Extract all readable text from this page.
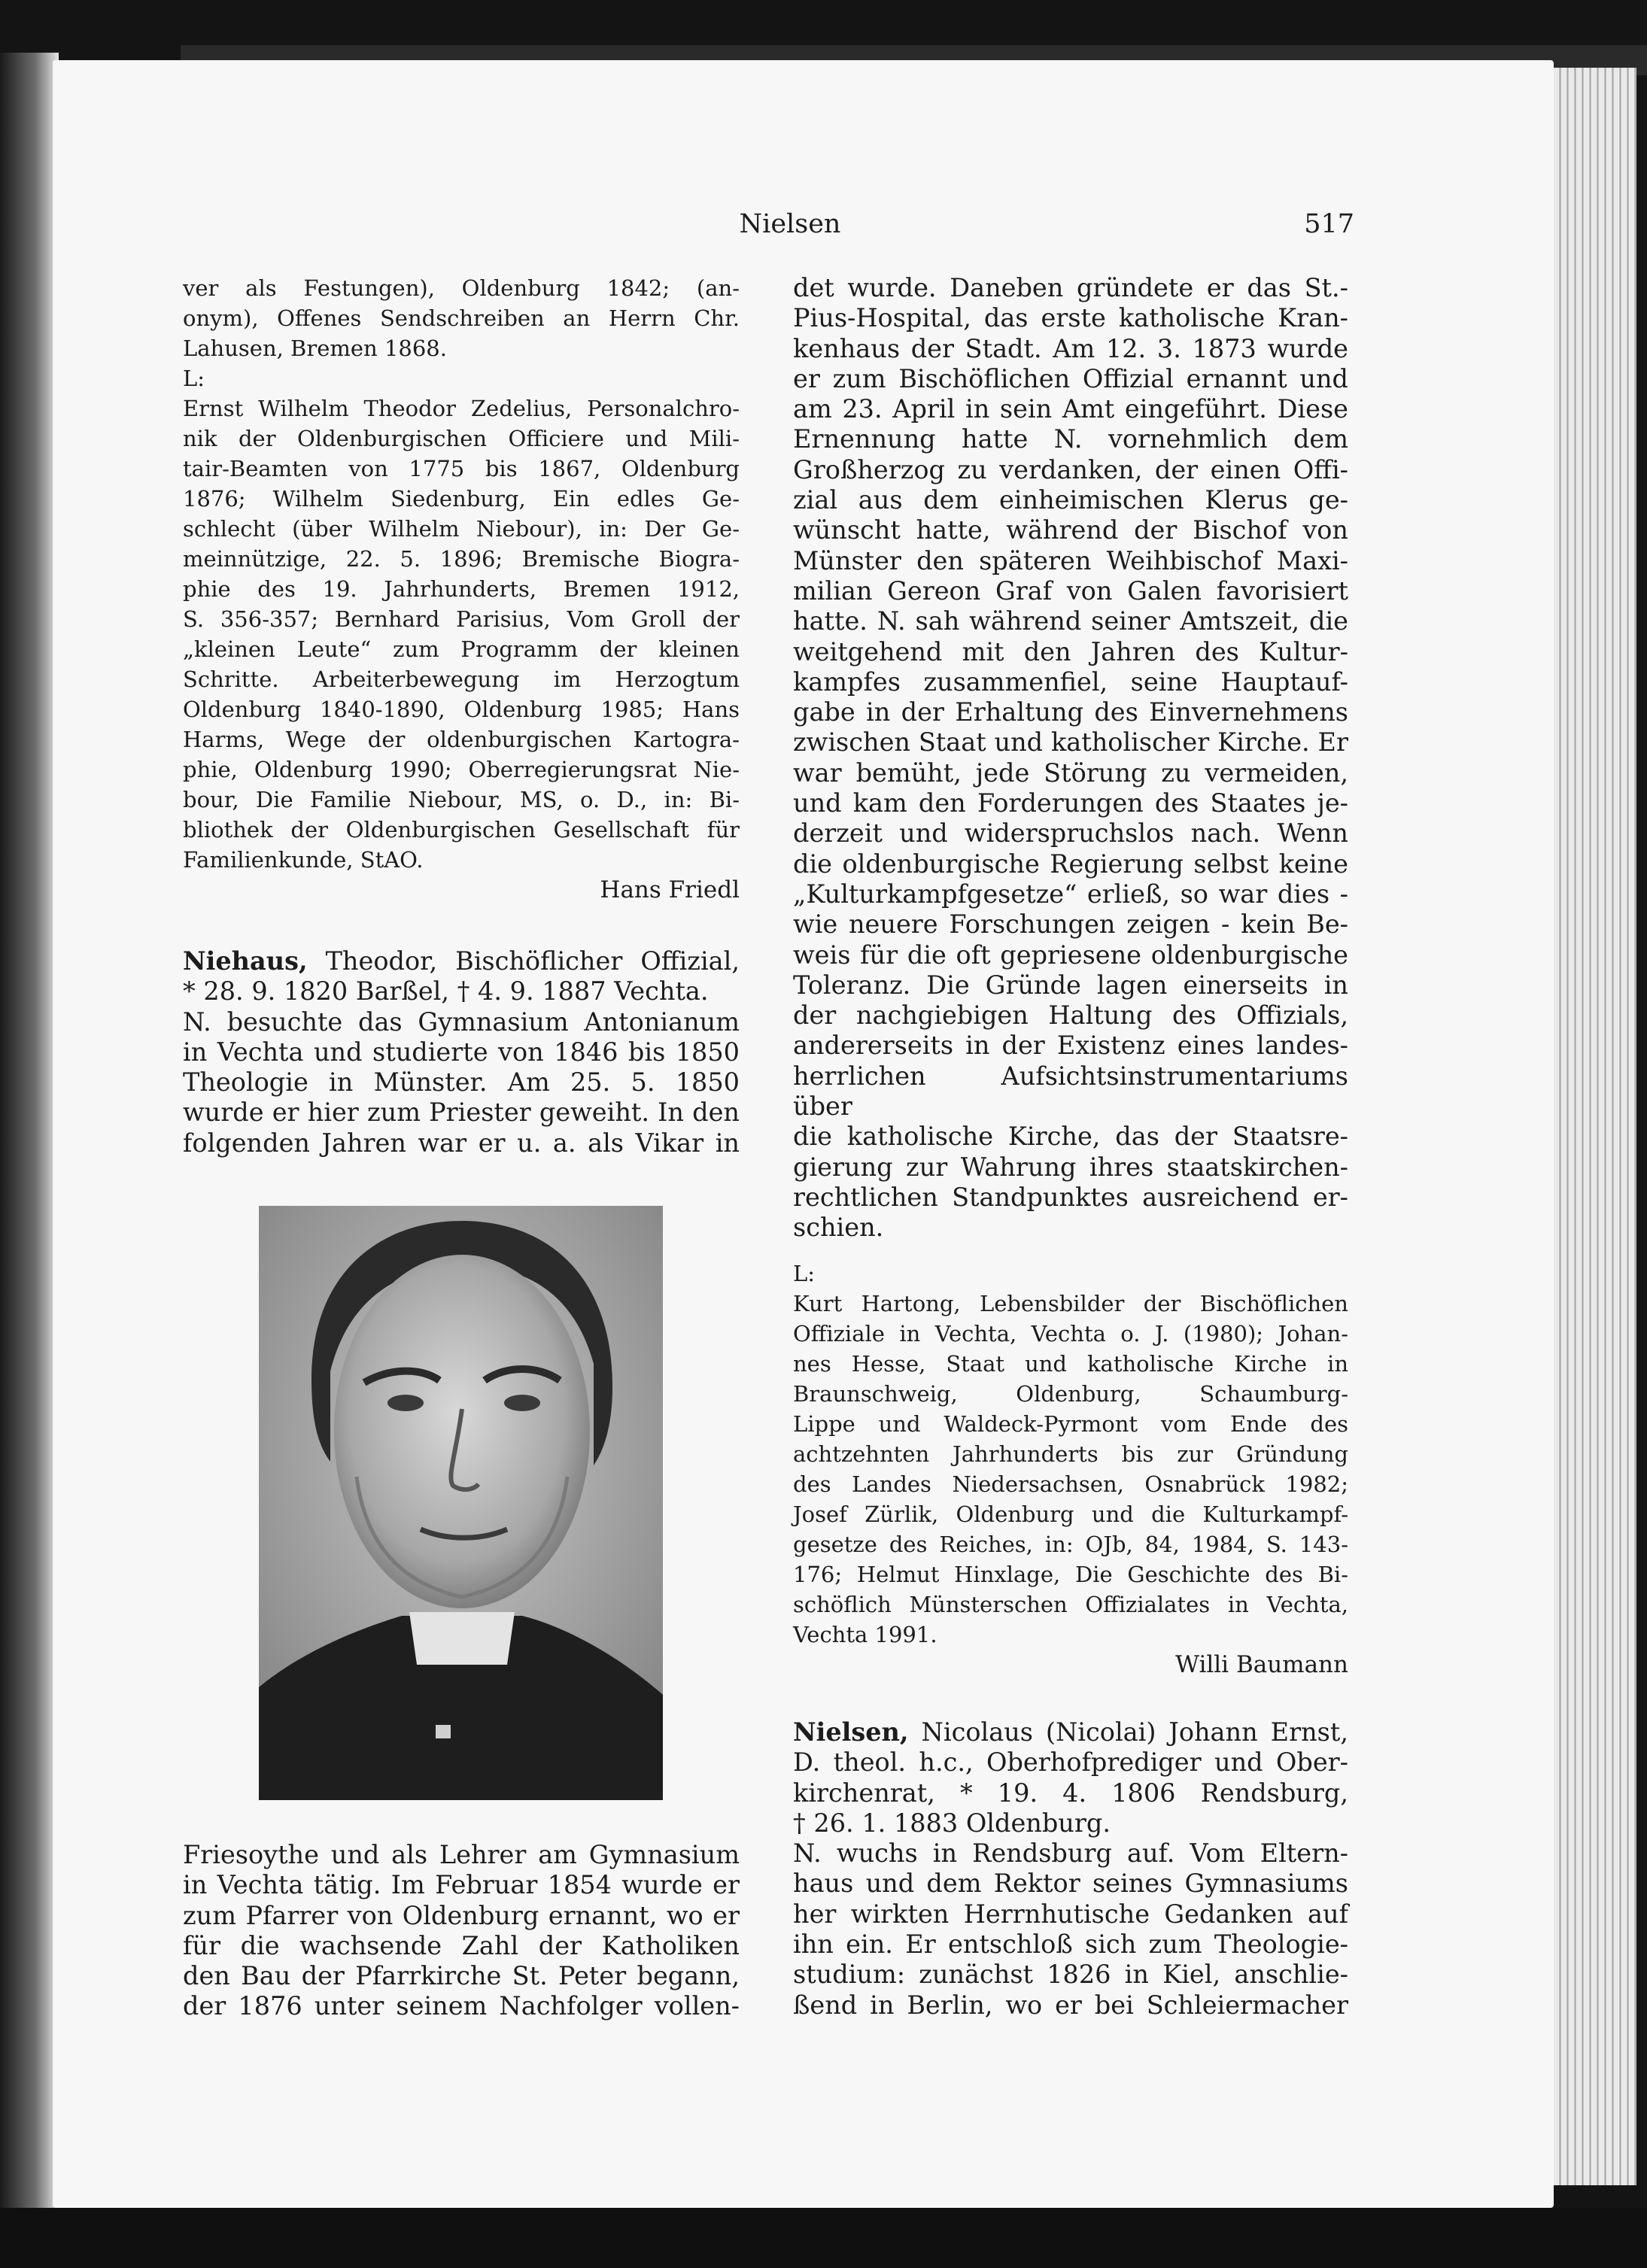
Nielsen	517

ver als Festungen), Oldenburg 1842; (an-

onym), Offenes Sendschreiben an Herrn Chr.

Lahusen, Bremen 1868.

L:

Ernst Wilhelm Theodor Zedelius, Personalchro-

nik der Oldenburgischen Officiere und Mili-

tair-Beamten von 1775 bis 1867, Oldenburg

1876; Wilhelm Siedenburg, Ein edles Ge-

schlecht (über Wilhelm Niebour), in: Der Ge-

meinnützige, 22. 5. 1896; Bremische Biogra-

phie des 19. Jahrhunderts, Bremen 1912,

S. 356-357; Bernhard Parisius, Vom Groll der

„kleinen Leute“ zum Programm der kleinen

Schritte. Arbeiterbewegung im Herzogtum

Oldenburg 1840-1890, Oldenburg 1985; Hans

Harms, Wege der oldenburgischen Kartogra-

phie, Oldenburg 1990; Oberregierungsrat Nie-

bour, Die Familie Niebour, MS, o. D., in: Bi-

bliothek der Oldenburgischen Gesellschaft für

Familienkunde, StAO.

Hans Friedl

Niehaus, Theodor, Bischöflicher Offizial,

* 28. 9. 1820 Barßel, † 4. 9. 1887 Vechta.

N. besuchte das Gymnasium Antonianum

in Vechta und studierte von 1846 bis 1850

Theologie in Münster. Am 25. 5. 1850

wurde er hier zum Priester geweiht. In den

folgenden Jahren war er u. a. als Vikar in

Friesoythe und als Lehrer am Gymnasium

in Vechta tätig. Im Februar 1854 wurde er

zum Pfarrer von Oldenburg ernannt, wo er

für die wachsende Zahl der Katholiken

den Bau der Pfarrkirche St. Peter begann,

der 1876 unter seinem Nachfolger vollen-

det wurde. Daneben gründete er das St.-

Pius-Hospital, das erste katholische Kran-

kenhaus der Stadt. Am 12. 3. 1873 wurde

er zum Bischöflichen Offizial ernannt und

am 23. April in sein Amt eingeführt. Diese

Ernennung hatte N. vornehmlich dem

Großherzog zu verdanken, der einen Offi-

zial aus dem einheimischen Klerus ge-

wünscht hatte, während der Bischof von

Münster den späteren Weihbischof Maxi-

milian Gereon Graf von Galen favorisiert

hatte. N. sah während seiner Amtszeit, die

weitgehend mit den Jahren des Kultur-

kampfes zusammenfiel, seine Hauptauf-

gabe in der Erhaltung des Einvernehmens

zwischen Staat und katholischer Kirche. Er

war bemüht, jede Störung zu vermeiden,

und kam den Forderungen des Staates je-

derzeit und widerspruchslos nach. Wenn

die oldenburgische Regierung selbst keine

„Kulturkampfgesetze“ erließ, so war dies -

wie neuere Forschungen zeigen - kein Be-

weis für die oft gepriesene oldenburgische

Toleranz. Die Gründe lagen einerseits in

der nachgiebigen Haltung des Offizials,

andererseits in der Existenz eines landes-

herrlichen Aufsichtsinstrumentariums über

die katholische Kirche, das der Staatsre-

gierung zur Wahrung ihres staatskirchen-

rechtlichen Standpunktes ausreichend er-

schien.

L:

Kurt Hartong, Lebensbilder der Bischöflichen

Offiziale in Vechta, Vechta o. J. (1980); Johan-

nes Hesse, Staat und katholische Kirche in

Braunschweig, Oldenburg, Schaumburg-

Lippe und Waldeck-Pyrmont vom Ende des

achtzehnten Jahrhunderts bis zur Gründung

des Landes Niedersachsen, Osnabrück 1982;

Josef Zürlik, Oldenburg und die Kulturkampf-

gesetze des Reiches, in: OJb, 84, 1984, S. 143-

176; Helmut Hinxlage, Die Geschichte des Bi-

schöflich Münsterschen Offizialates in Vechta,

Vechta 1991.

Willi Baumann

Nielsen, Nicolaus (Nicolai) Johann Ernst,

D. theol. h.c., Oberhofprediger und Ober-

kirchenrat, * 19. 4. 1806 Rendsburg,

† 26. 1. 1883 Oldenburg.

N. wuchs in Rendsburg auf. Vom Eltern-

haus und dem Rektor seines Gymnasiums

her wirkten Herrnhutische Gedanken auf

ihn ein. Er entschloß sich zum Theologie-

studium: zunächst 1826 in Kiel, anschlie-

ßend in Berlin, wo er bei Schleiermacher
